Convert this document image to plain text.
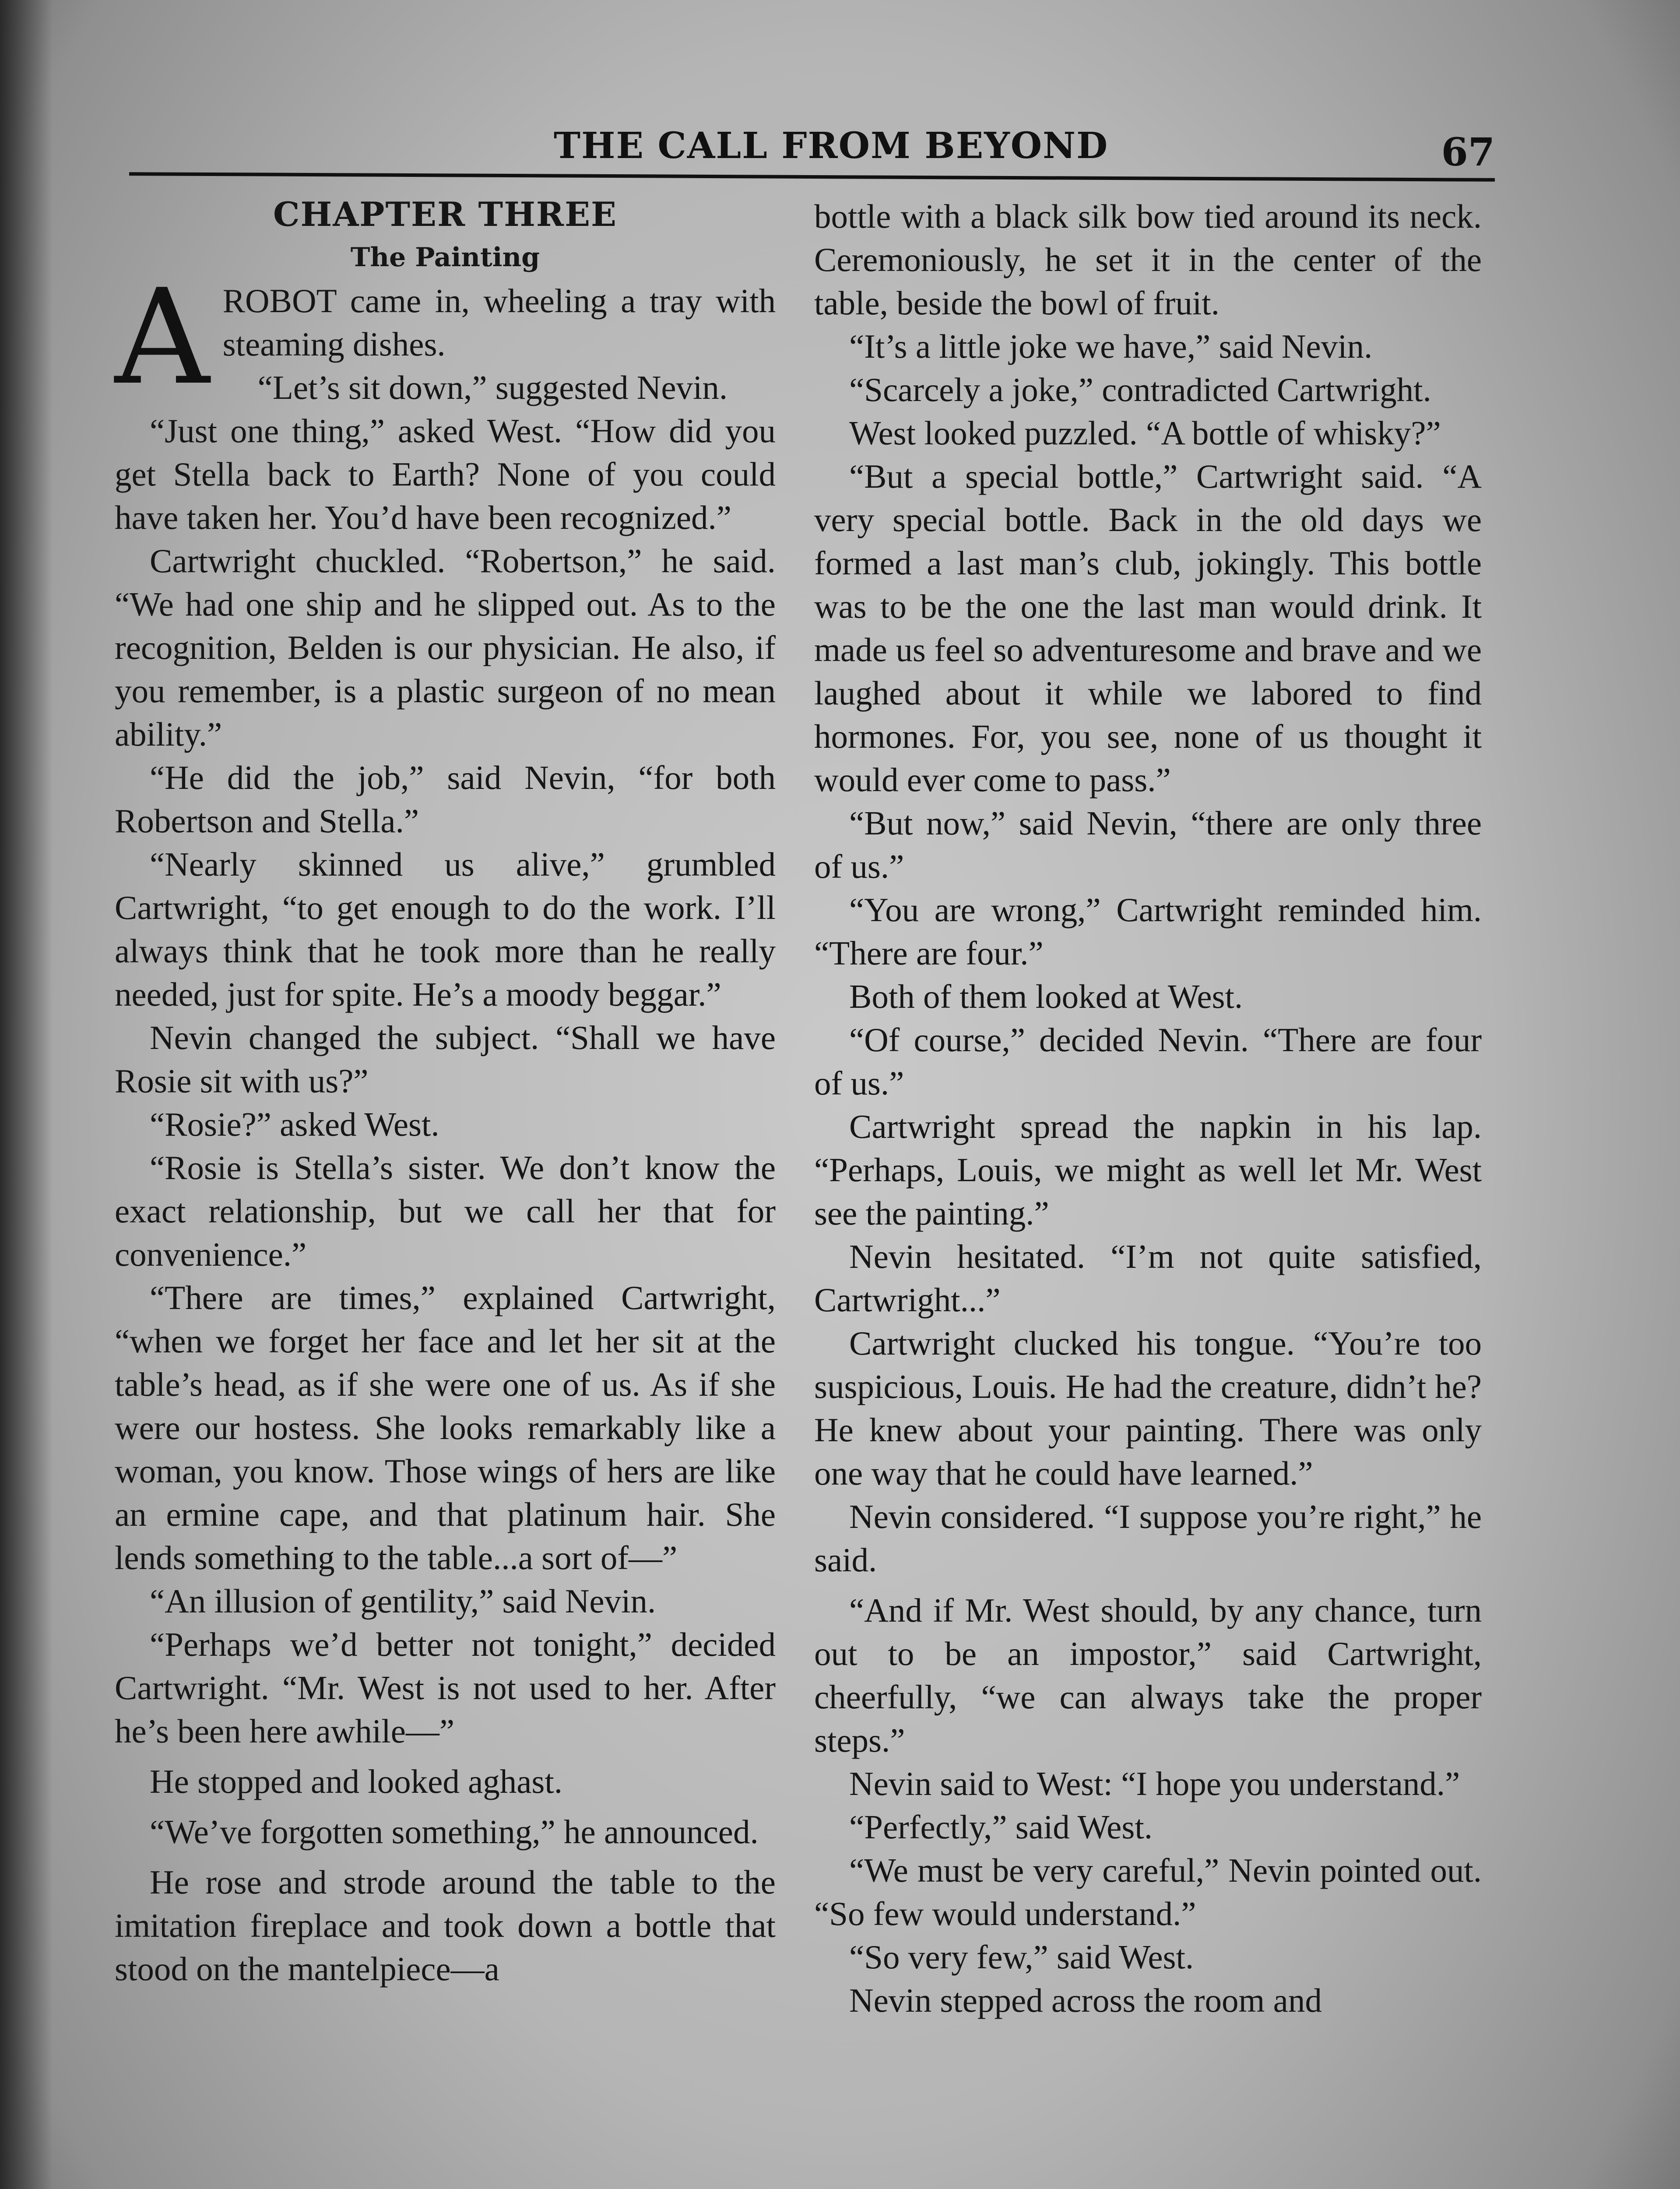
THE CALL FROM BEYOND	67

CHAPTER THREE

The Painting

AROBOT came in, wheeling a tray with steaming dishes.

“Let’s sit down,” suggested Nevin.

“Just one thing,” asked West. “How did you get Stella back to Earth? None of you could have taken her. You’d have been recognized.”

Cartwright chuckled. “Robertson,” he said. “We had one ship and he slipped out. As to the recognition, Belden is our physician. He also, if you remember, is a plastic surgeon of no mean ability.”

“He did the job,” said Nevin, “for both Robertson and Stella.”

“Nearly skinned us alive,” grumbled Cartwright, “to get enough to do the work. I’ll always think that he took more than he really needed, just for spite. He’s a moody beggar.”

Nevin changed the subject. “Shall we have Rosie sit with us?”

“Rosie?” asked West.

“Rosie is Stella’s sister. We don’t know the exact relationship, but we call her that for convenience.”

“There are times,” explained Cartwright, “when we forget her face and let her sit at the table’s head, as if she were one of us. As if she were our hostess. She looks remarkably like a woman, you know. Those wings of hers are like an ermine cape, and that platinum hair. She lends something to the table...a sort of—”

“An illusion of gentility,” said Nevin.

“Perhaps we’d better not tonight,” decided Cartwright. “Mr. West is not used to her. After he’s been here awhile—”

He stopped and looked aghast.

“We’ve forgotten something,” he announced.

He rose and strode around the table to the imitation fireplace and took down a bottle that stood on the mantelpiece—a

bottle with a black silk bow tied around its neck. Ceremoniously, he set it in the center of the table, beside the bowl of fruit.

“It’s a little joke we have,” said Nevin.

“Scarcely a joke,” contradicted Cartwright.

West looked puzzled. “A bottle of whisky?”

“But a special bottle,” Cartwright said. “A very special bottle. Back in the old days we formed a last man’s club, jokingly. This bottle was to be the one the last man would drink. It made us feel so adventuresome and brave and we laughed about it while we labored to find hormones. For, you see, none of us thought it would ever come to pass.”

“But now,” said Nevin, “there are only three of us.”

“You are wrong,” Cartwright reminded him. “There are four.”

Both of them looked at West.

“Of course,” decided Nevin. “There are four of us.”

Cartwright spread the napkin in his lap. “Perhaps, Louis, we might as well let Mr. West see the painting.”

Nevin hesitated. “I’m not quite satisfied, Cartwright...”

Cartwright clucked his tongue. “You’re too suspicious, Louis. He had the creature, didn’t he? He knew about your painting. There was only one way that he could have learned.”

Nevin considered. “I suppose you’re right,” he said.

“And if Mr. West should, by any chance, turn out to be an impostor,” said Cartwright, cheerfully, “we can always take the proper steps.”

Nevin said to West: “I hope you understand.”

“Perfectly,” said West.

“We must be very careful,” Nevin pointed out. “So few would understand.”

“So very few,” said West.

Nevin stepped across the room and
